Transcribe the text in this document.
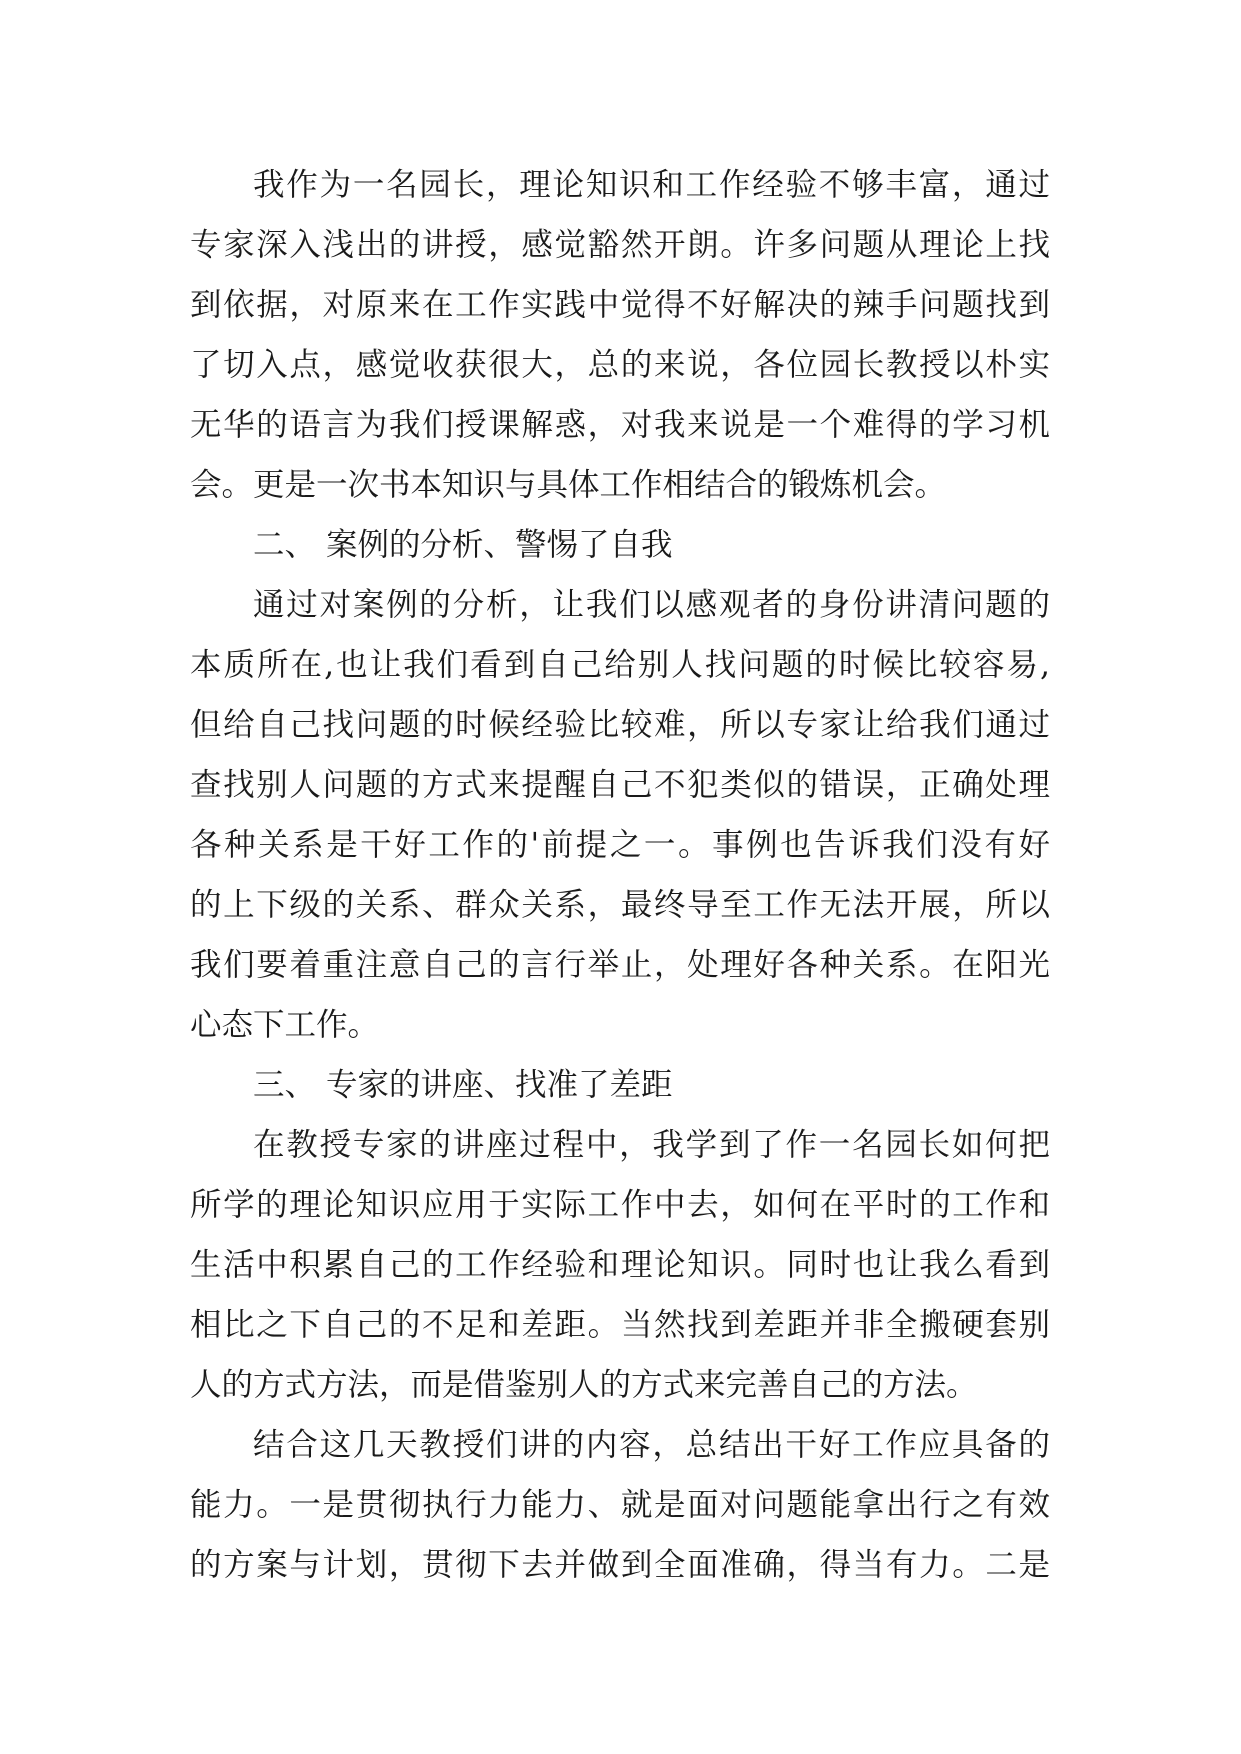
我作为一名园长，理论知识和工作经验不够丰富，通过
专家深入浅出的讲授，感觉豁然开朗。许多问题从理论上找
到依据，对原来在工作实践中觉得不好解决的辣手问题找到
了切入点，感觉收获很大，总的来说，各位园长教授以朴实
无华的语言为我们授课解惑，对我来说是一个难得的学习机
会。更是一次书本知识与具体工作相结合的锻炼机会。
二、 案例的分析、警惕了自我
通过对案例的分析，让我们以感观者的身份讲清问题的
本质所在,也让我们看到自己给别人找问题的时候比较容易,
但给自己找问题的时候经验比较难，所以专家让给我们通过
查找别人问题的方式来提醒自己不犯类似的错误，正确处理
各种关系是干好工作的'前提之一。事例也告诉我们没有好
的上下级的关系、群众关系，最终导至工作无法开展，所以
我们要着重注意自己的言行举止，处理好各种关系。在阳光
心态下工作。
三、 专家的讲座、找准了差距
在教授专家的讲座过程中，我学到了作一名园长如何把
所学的理论知识应用于实际工作中去，如何在平时的工作和
生活中积累自己的工作经验和理论知识。同时也让我么看到
相比之下自己的不足和差距。当然找到差距并非全搬硬套别
人的方式方法，而是借鉴别人的方式来完善自己的方法。
结合这几天教授们讲的内容，总结出干好工作应具备的
能力。一是贯彻执行力能力、就是面对问题能拿出行之有效
的方案与计划，贯彻下去并做到全面准确，得当有力。二是
